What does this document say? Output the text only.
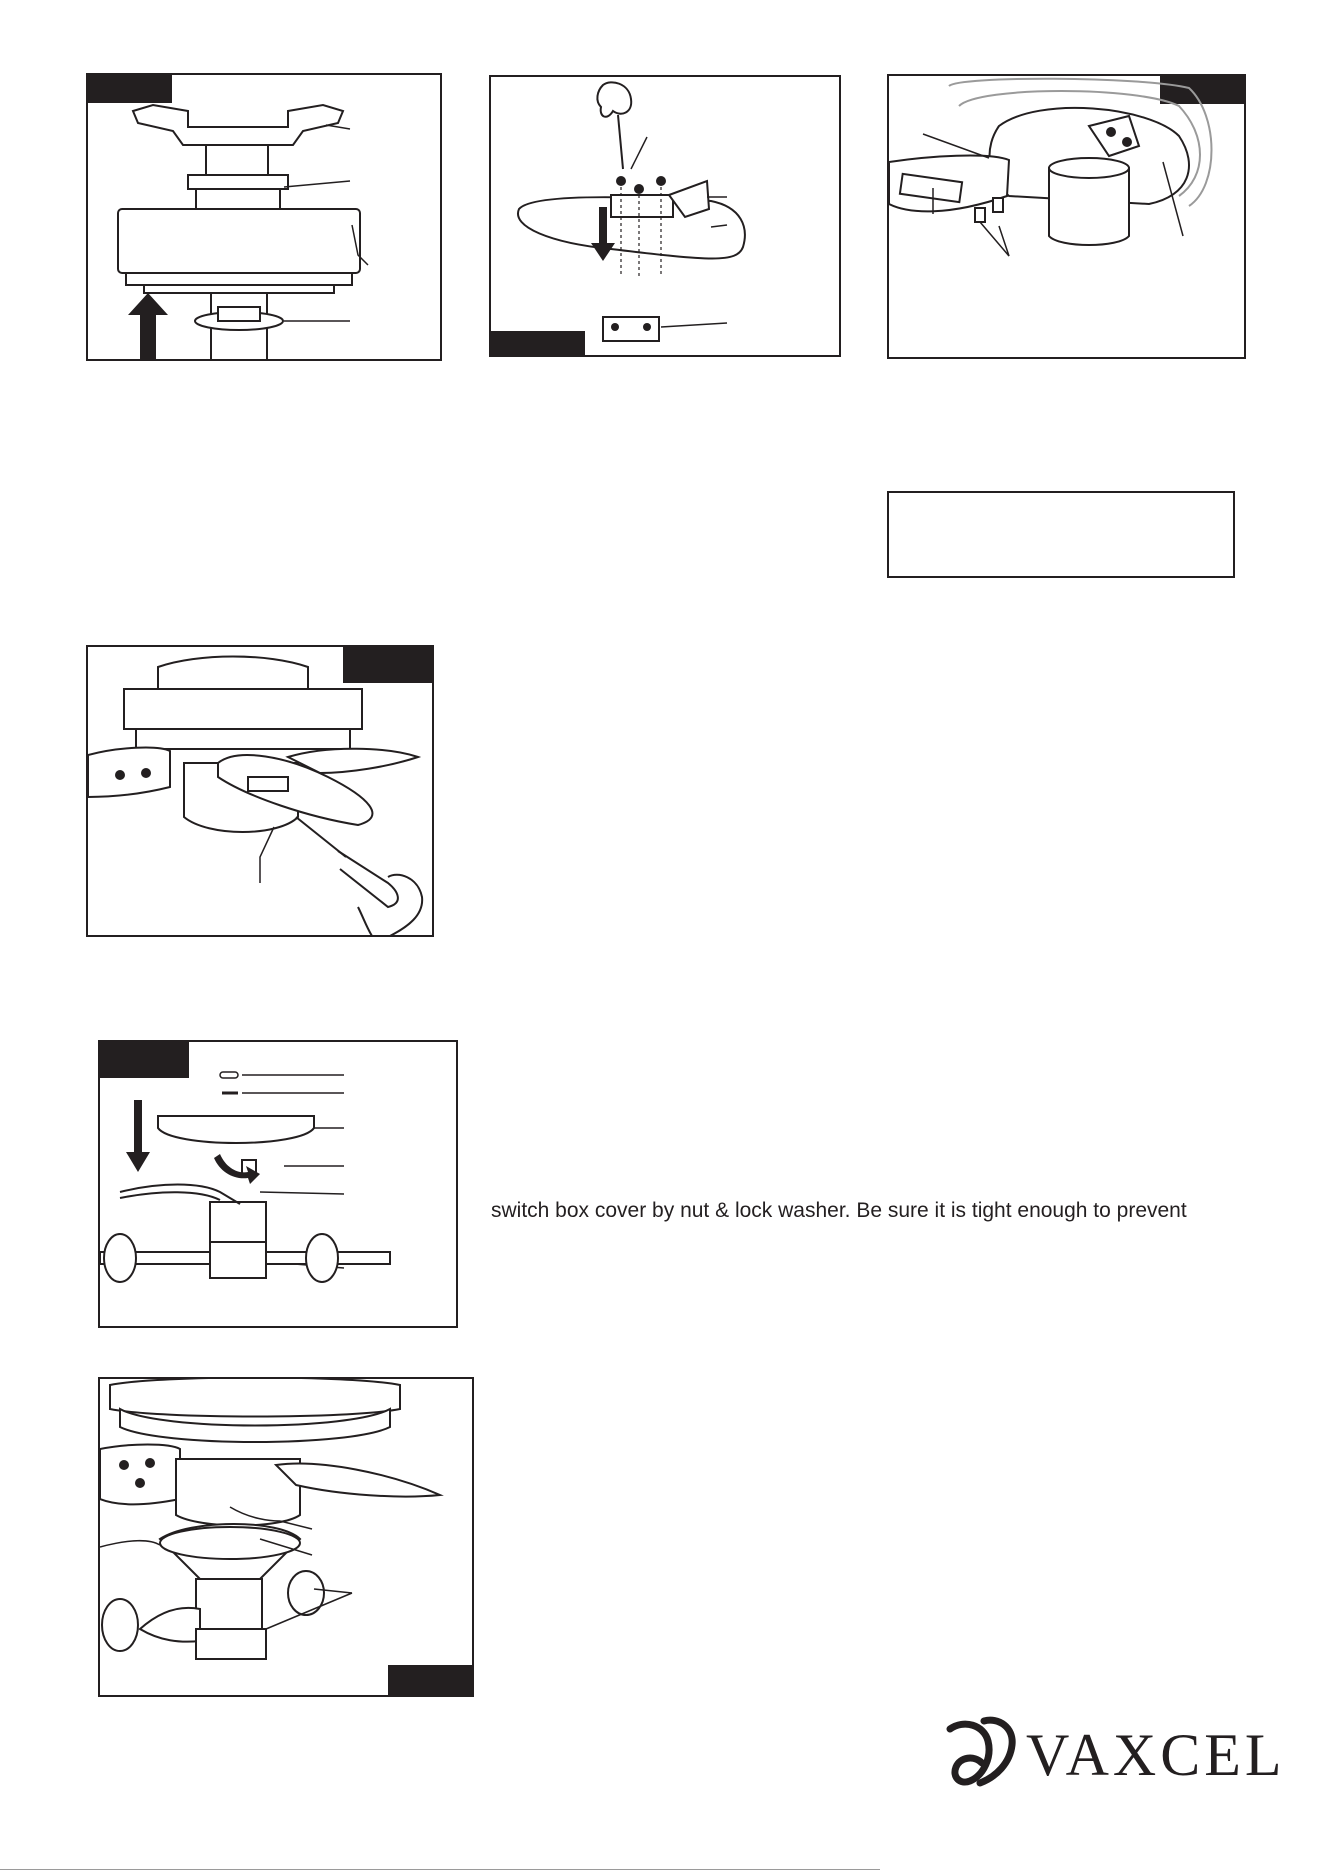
switch box cover by nut & lock washer. Be sure it is tight enough to prevent
VAXCEL
